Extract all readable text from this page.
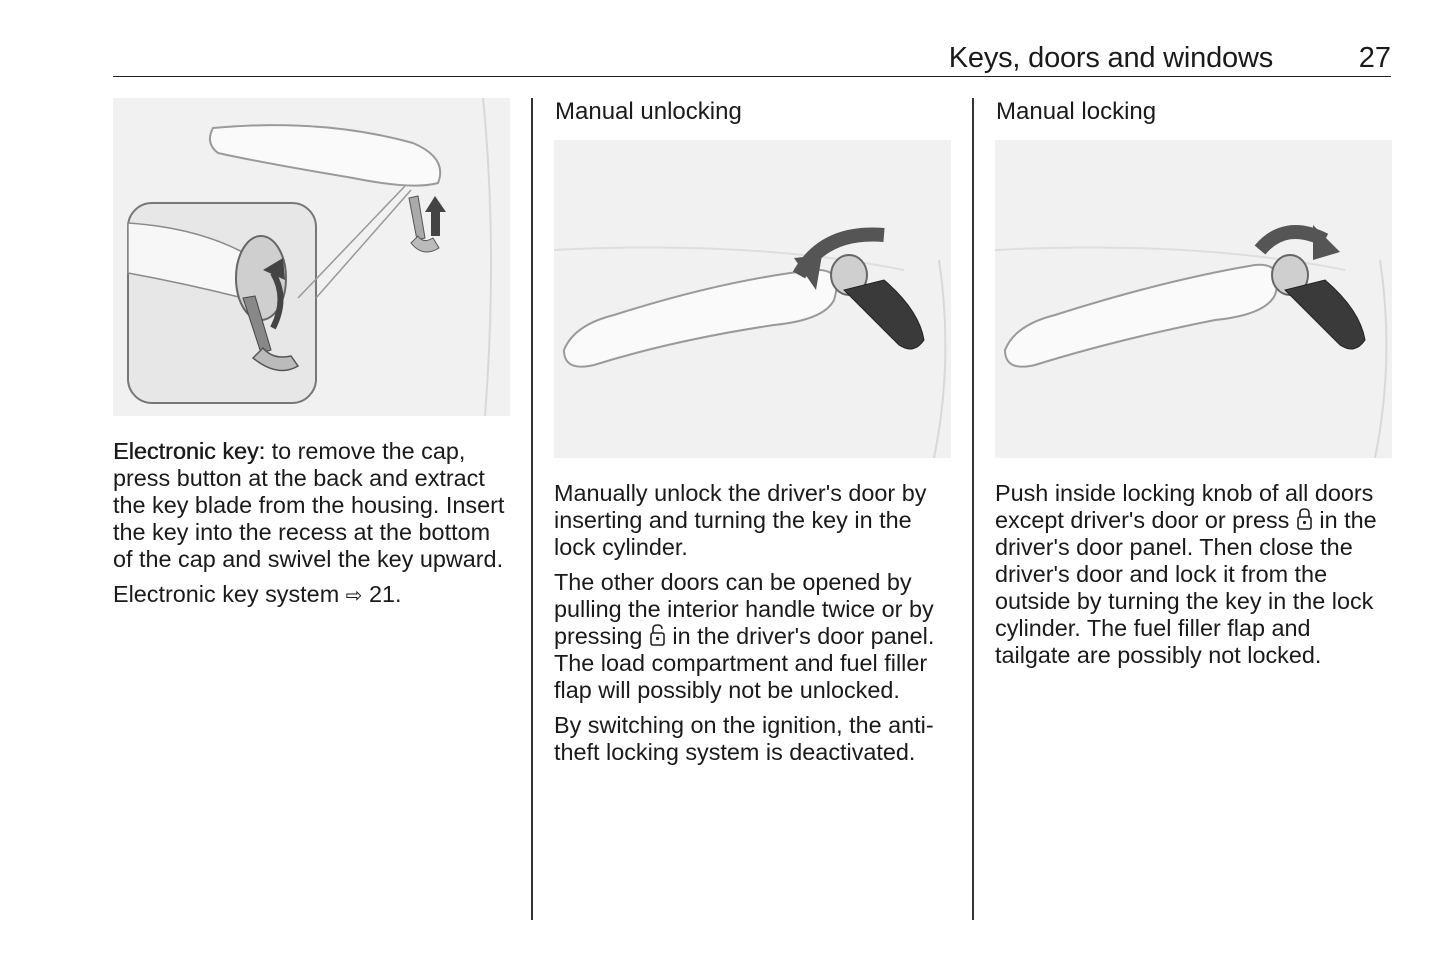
Keys, doors and windows	27

Electronic key: to remove the cap, press button at the back and extract the key blade from the housing. Insert the key into the recess at the bottom of the cap and swivel the key upward.

Electronic key system ⇨ 21.

Manual unlocking

Manually unlock the driver's door by inserting and turning the key in the lock cylinder.

The other doors can be opened by pulling the interior handle twice or by pressing  in the driver's door panel. The load compartment and fuel filler flap will possibly not be unlocked.

By switching on the ignition, the anti-theft locking system is deactivated.

Manual locking

Push inside locking knob of all doors except driver's door or press  in the driver's door panel. Then close the driver's door and lock it from the outside by turning the key in the lock cylinder. The fuel filler flap and tailgate are possibly not locked.
